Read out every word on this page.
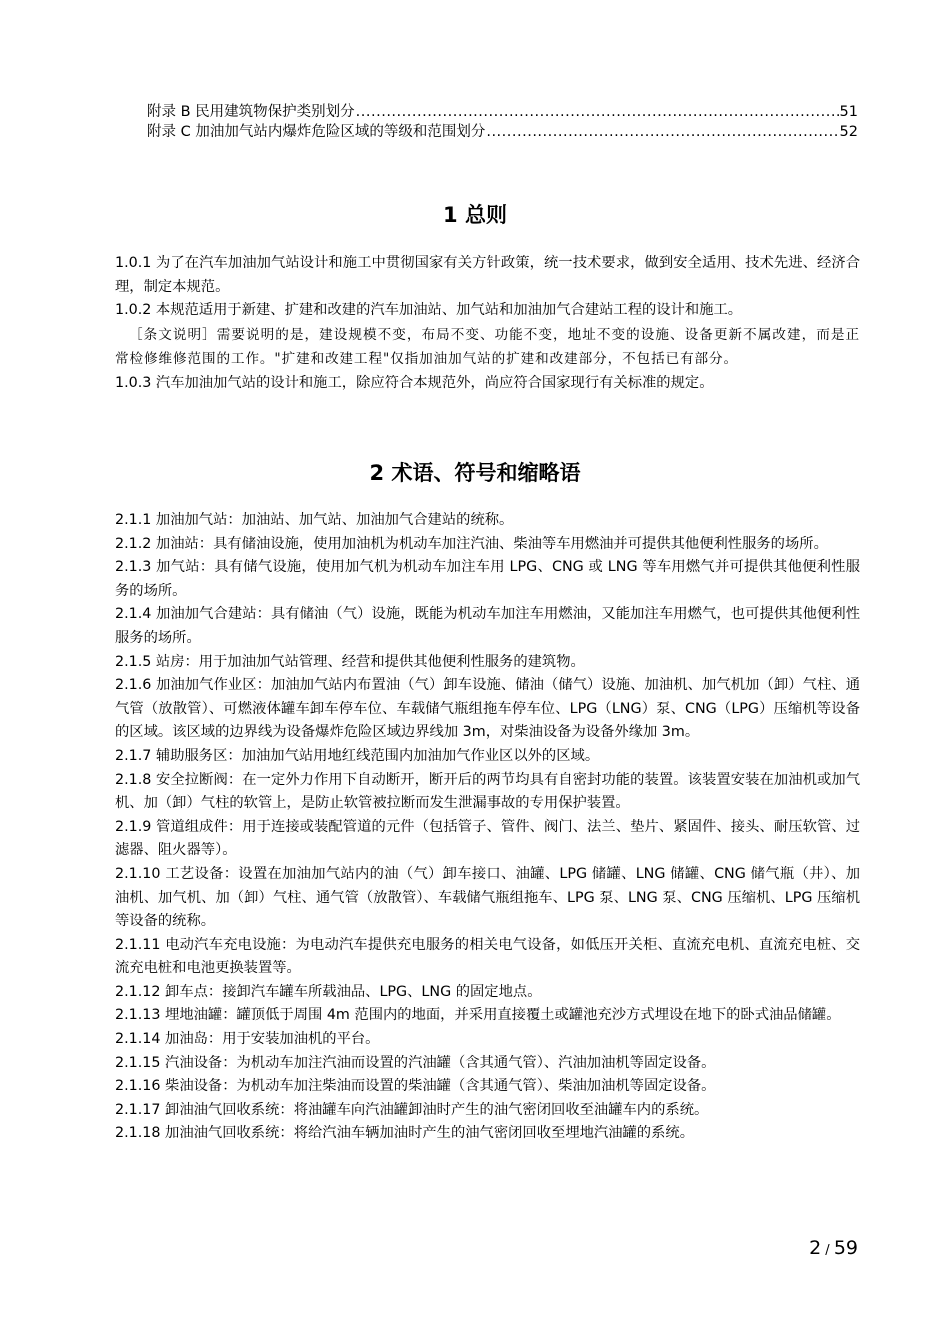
附录 B 民用建筑物保护类别划分 .....	51
附录 C 加油加气站内爆炸危险区域的等级和范围划分 .....	52
1 总则

1.0.1 为了在汽车加油加气站设计和施工中贯彻国家有关方针政策，统一技术要求，做到安全适用、技术先进、经济合理，制定本规范。

1.0.2 本规范适用于新建、扩建和改建的汽车加油站、加气站和加油加气合建站工程的设计和施工。

［条文说明］需要说明的是，建设规模不变，布局不变、功能不变，地址不变的设施、设备更新不属改建，而是正常检修维修范围的工作。"扩建和改建工程"仅指加油加气站的扩建和改建部分，不包括已有部分。

1.0.3 汽车加油加气站的设计和施工，除应符合本规范外，尚应符合国家现行有关标准的规定。

2 术语、符号和缩略语

2.1.1 加油加气站：加油站、加气站、加油加气合建站的统称。

2.1.2 加油站：具有储油设施，使用加油机为机动车加注汽油、柴油等车用燃油并可提供其他便利性服务的场所。

2.1.3 加气站：具有储气设施，使用加气机为机动车加注车用 LPG、CNG 或 LNG 等车用燃气并可提供其他便利性服务的场所。

2.1.4 加油加气合建站：具有储油（气）设施，既能为机动车加注车用燃油，又能加注车用燃气，也可提供其他便利性服务的场所。

2.1.5 站房：用于加油加气站管理、经营和提供其他便利性服务的建筑物。

2.1.6 加油加气作业区：加油加气站内布置油（气）卸车设施、储油（储气）设施、加油机、加气机加（卸）气柱、通气管（放散管）、可燃液体罐车卸车停车位、车载储气瓶组拖车停车位、LPG（LNG）泵、CNG（LPG）压缩机等设备的区域。该区域的边界线为设备爆炸危险区域边界线加 3m，对柴油设备为设备外缘加 3m。

2.1.7 辅助服务区：加油加气站用地红线范围内加油加气作业区以外的区域。

2.1.8 安全拉断阀：在一定外力作用下自动断开，断开后的两节均具有自密封功能的装置。该装置安装在加油机或加气机、加（卸）气柱的软管上，是防止软管被拉断而发生泄漏事故的专用保护装置。

2.1.9 管道组成件：用于连接或装配管道的元件（包括管子、管件、阀门、法兰、垫片、紧固件、接头、耐压软管、过滤器、阻火器等）。

2.1.10 工艺设备：设置在加油加气站内的油（气）卸车接口、油罐、LPG 储罐、LNG 储罐、CNG 储气瓶（井）、加油机、加气机、加（卸）气柱、通气管（放散管）、车载储气瓶组拖车、LPG 泵、LNG 泵、CNG 压缩机、LPG 压缩机等设备的统称。

2.1.11 电动汽车充电设施：为电动汽车提供充电服务的相关电气设备，如低压开关柜、直流充电机、直流充电桩、交流充电桩和电池更换装置等。

2.1.12 卸车点：接卸汽车罐车所载油品、LPG、LNG 的固定地点。

2.1.13 埋地油罐：罐顶低于周围 4m 范围内的地面，并采用直接覆土或罐池充沙方式埋设在地下的卧式油品储罐。

2.1.14 加油岛：用于安装加油机的平台。

2.1.15 汽油设备：为机动车加注汽油而设置的汽油罐（含其通气管）、汽油加油机等固定设备。

2.1.16 柴油设备：为机动车加注柴油而设置的柴油罐（含其通气管）、柴油加油机等固定设备。

2.1.17 卸油油气回收系统：将油罐车向汽油罐卸油时产生的油气密闭回收至油罐车内的系统。

2.1.18 加油油气回收系统：将给汽油车辆加油时产生的油气密闭回收至埋地汽油罐的系统。

2 / 59
